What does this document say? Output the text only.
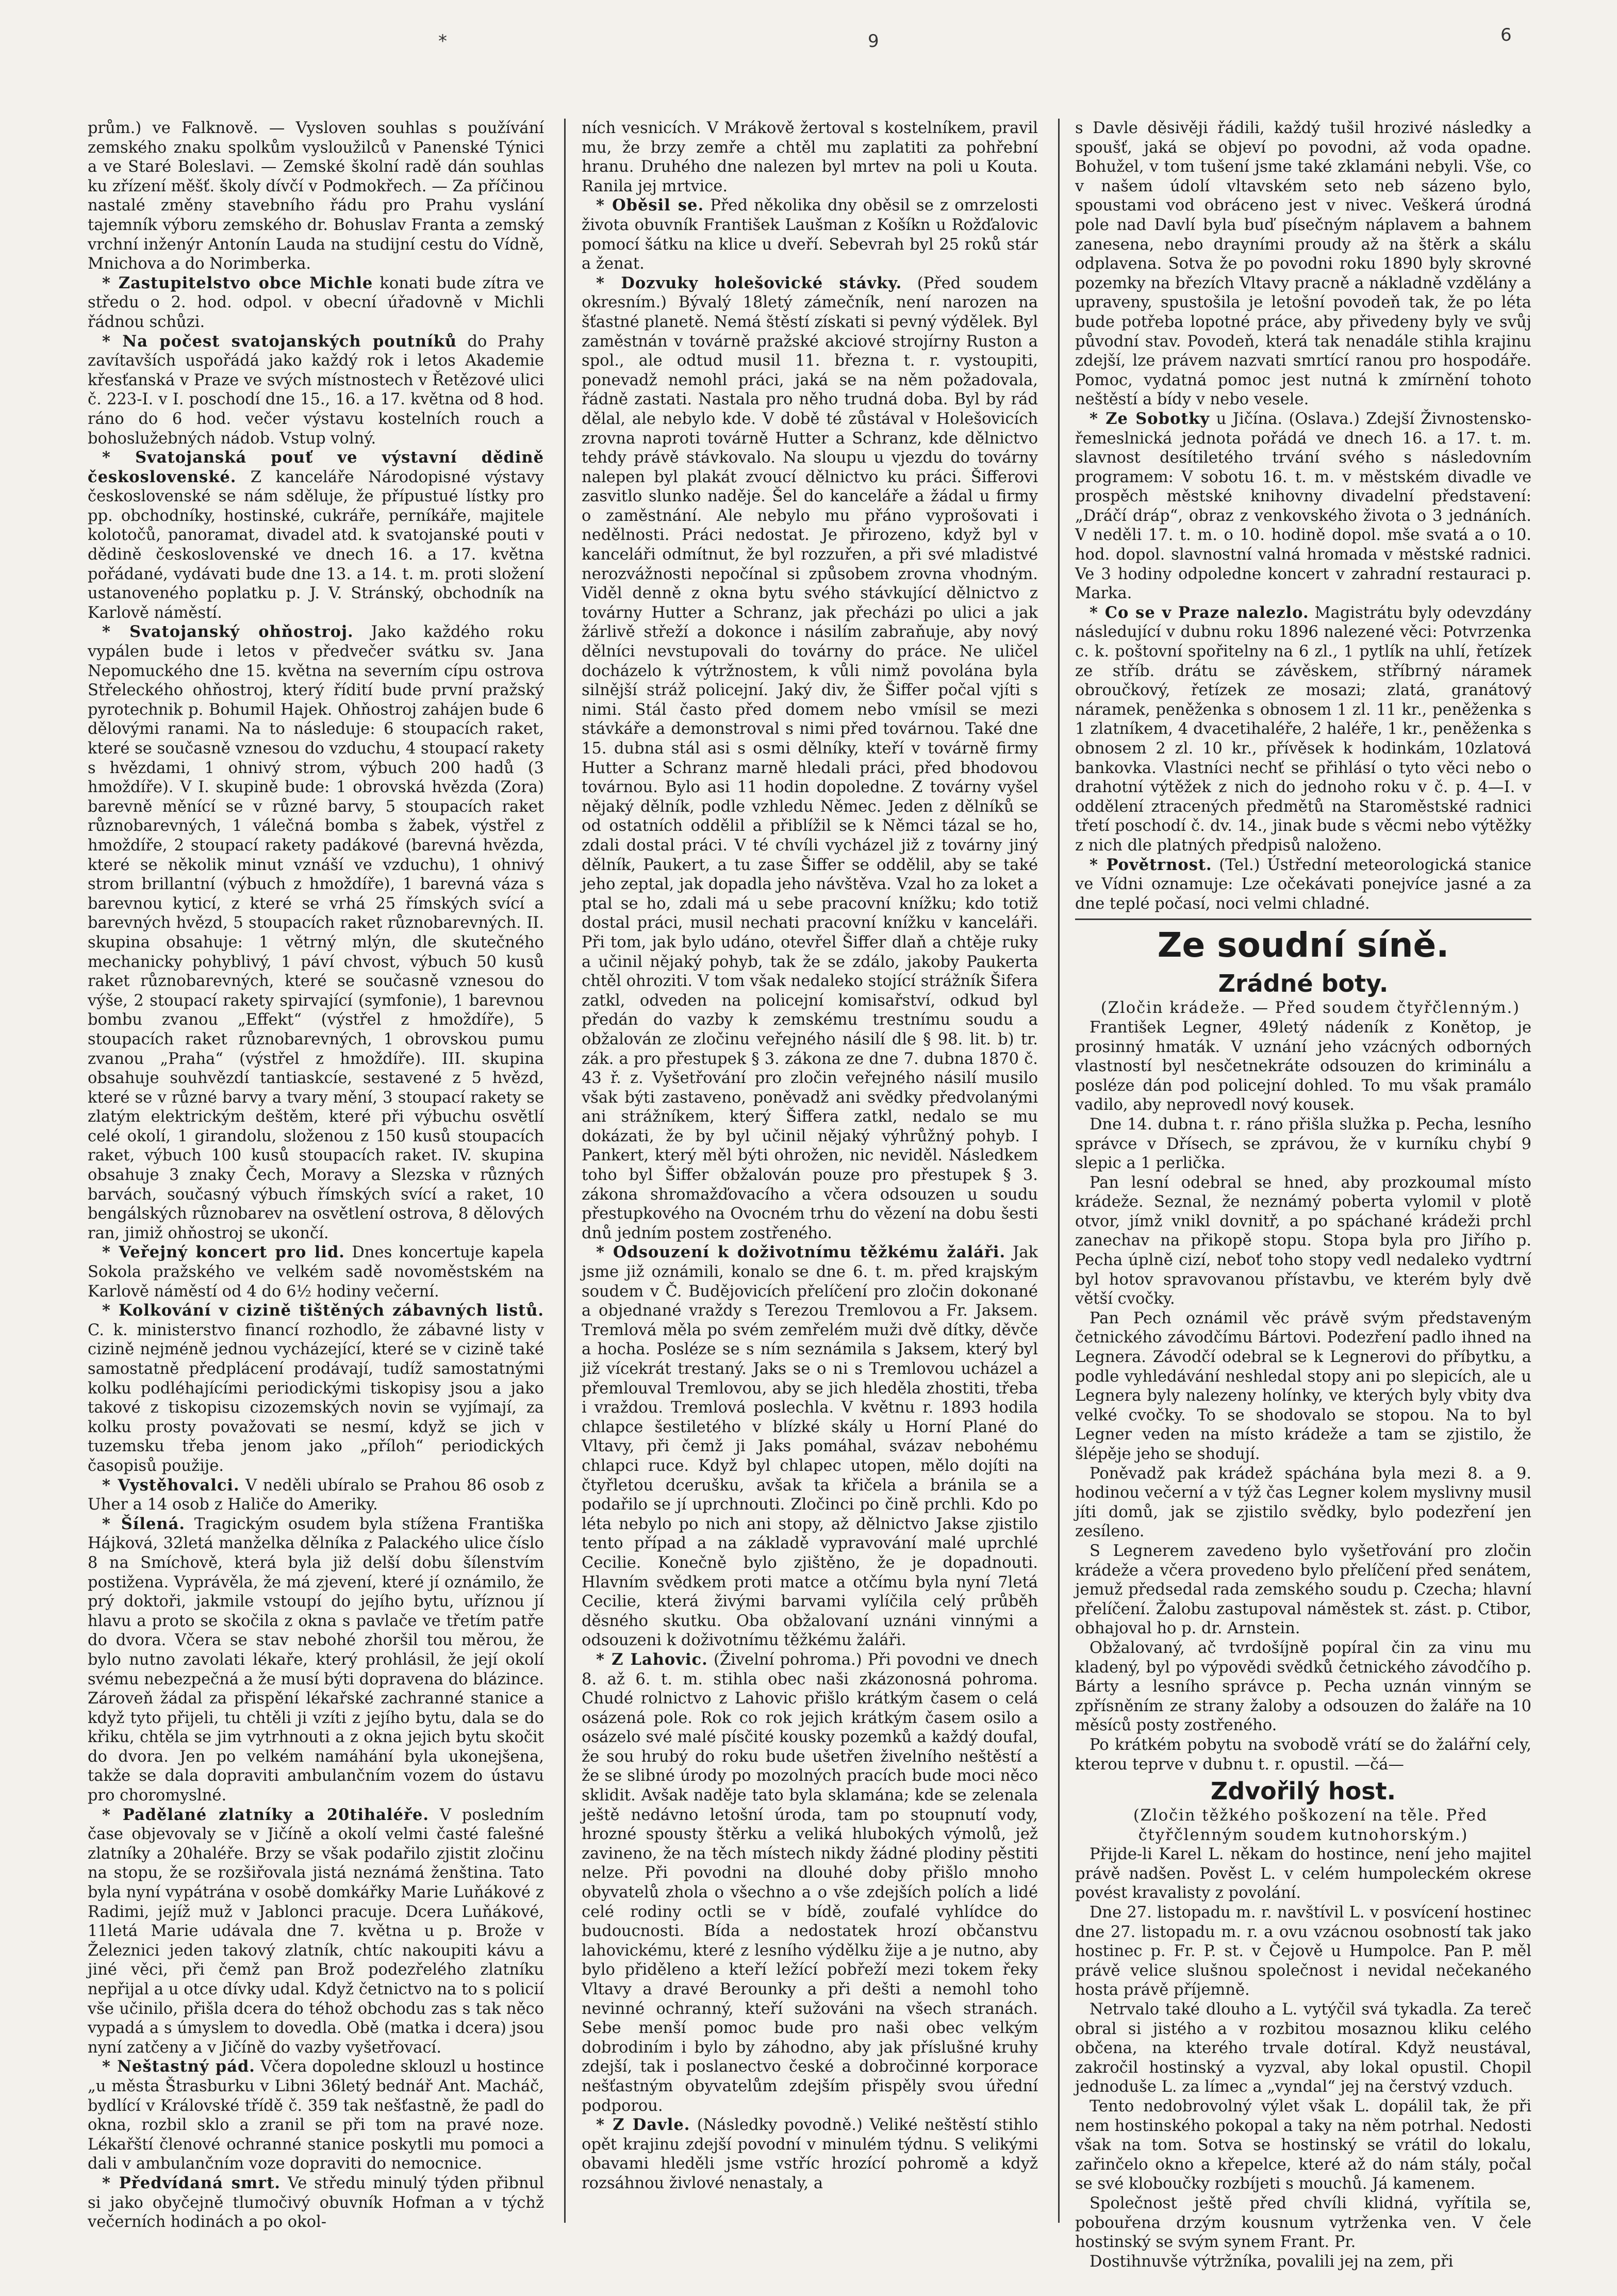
*	9	6

prům.) ve Falknově. — Vysloven souhlas s používání zemského znaku spolkům vysloužilců v Panenské Týnici a ve Staré Boleslavi. — Zemské školní radě dán souhlas ku zřízení měšť. školy dívčí v Podmokřech. — Za příčinou nastalé změny stavebního řádu pro Prahu vyslání tajemník výboru zemského dr. Bohuslav Franta a zemský vrchní inženýr Antonín Lauda na studijní cestu do Vídně, Mnichova a do Norimberka.

* Zastupitelstvo obce Michle konati bude zítra ve středu o 2. hod. odpol. v obecní úřadovně v Michli řádnou schůzi.

* Na počest svatojanských poutníků do Prahy zavítavších uspořádá jako každý rok i letos Akademie křesťanská v Praze ve svých místnostech v Řetězové ulici č. 223-I. v I. poschodí dne 15., 16. a 17. května od 8 hod. ráno do 6 hod. večer výstavu kostelních rouch a bohoslužebných nádob. Vstup volný.

* Svatojanská pouť ve výstavní dědině československé. Z kanceláře Národopisné výstavy československé se nám sděluje, že přípustué lístky pro pp. obchodníky, hostinské, cukráře, perníkáře, majitele kolotočů, panoramat, divadel atd. k svatojanské pouti v dědině československé ve dnech 16. a 17. května pořádané, vydávati bude dne 13. a 14. t. m. proti složení ustanoveného poplatku p. J. V. Stránský, obchodník na Karlově náměstí.

* Svatojanský ohňostroj. Jako každého roku vypálen bude i letos v předvečer svátku sv. Jana Nepomuckého dne 15. května na severním cípu ostrova Střeleckého ohňostroj, který řídití bude první pražský pyrotechnik p. Bohumil Hajek. Ohňostroj zahájen bude 6 dělovými ranami. Na to následuje: 6 stoupacích raket, které se současně vznesou do vzduchu, 4 stoupací rakety s hvězdami, 1 ohnivý strom, výbuch 200 hadů (3 hmoždíře). V I. skupině bude: 1 obrovská hvězda (Zora) barevně měnící se v různé barvy, 5 stoupacích raket různobarevných, 1 válečná bomba s žabek, výstřel z hmoždíře, 2 stoupací rakety padákové (barevná hvězda, které se několik minut vznáší ve vzduchu), 1 ohnivý strom brillantní (výbuch z hmoždíře), 1 barevná váza s barevnou kyticí, z které se vrhá 25 římských svící a barevných hvězd, 5 stoupacích raket různobarevných. II. skupina obsahuje: 1 větrný mlýn, dle skutečného mechanicky pohyblivý, 1 páví chvost, výbuch 50 kusů raket různobarevných, které se současně vznesou do výše, 2 stoupací rakety spirvající (symfonie), 1 barevnou bombu zvanou „Effekt“ (výstřel z hmoždíře), 5 stoupacích raket různobarevných, 1 obrovskou pumu zvanou „Praha“ (výstřel z hmoždíře). III. skupina obsahuje souhvězdí tantiaskcíe, sestavené z 5 hvězd, které se v různé barvy a tvary mění, 3 stoupací rakety se zlatým elektrickým deštěm, které při výbuchu osvětlí celé okolí, 1 girandolu, složenou z 150 kusů stoupacích raket, výbuch 100 kusů stoupacích raket. IV. skupina obsahuje 3 znaky Čech, Moravy a Slezska v různých barvách, současný výbuch římských svící a raket, 10 bengálských různobarev na osvětlení ostrova, 8 dělových ran, jimiž ohňostroj se ukončí.

* Veřejný koncert pro lid. Dnes koncertuje kapela Sokola pražského ve velkém sadě novoměstském na Karlově náměstí od 4 do 6½ hodiny večerní.

* Kolkování v cizině tištěných zábavných listů. C. k. ministerstvo financí rozhodlo, že zábavné listy v cizině nejméně jednou vycházející, které se v cizině také samostatně předplácení prodávají, tudíž samostatnými kolku podléhajícími periodickými tiskopisy jsou a jako takové z tiskopisu cizozemských novin se vyjímají, za kolku prosty považovati se nesmí, když se jich v tuzemsku třeba jenom jako „příloh“ periodických časopisů použije.

* Vystěhovalci. V neděli ubíralo se Prahou 86 osob z Uher a 14 osob z Haliče do Ameriky.

* Šílená. Tragickým osudem byla stížena Františka Hájková, 32letá manželka dělníka z Palackého ulice číslo 8 na Smíchově, která byla již delší dobu šílenstvím postižena. Vyprávěla, že má zjevení, které jí oznámilo, že prý doktoři, jakmile vstoupí do jejího bytu, uříznou jí hlavu a proto se skočila z okna s pavlače ve třetím patře do dvora. Včera se stav nebohé zhoršil tou měrou, že bylo nutno zavolati lékaře, který prohlásil, že její okolí svému nebezpečná a že musí býti dopravena do blázince. Zároveň žádal za přispění lékařské zachranné stanice a když tyto přijeli, tu chtěli ji vzíti z jejího bytu, dala se do křiku, chtěla se jim vytrhnouti a z okna jejich bytu skočit do dvora. Jen po velkém namáhání byla ukonejšena, takže se dala dopraviti ambulančním vozem do ústavu pro choromyslné.

* Padělané zlatníky a 20tihaléře. V posledním čase objevovaly se v Jičíně a okolí velmi časté falešné zlatníky a 20haléře. Brzy se však podařilo zjistit zločinu na stopu, že se rozšiřovala jistá neznámá ženština. Tato byla nyní vypátrána v osobě domkářky Marie Luňákové z Radimi, jejíž muž v Jablonci pracuje. Dcera Luňákové, 11letá Marie udávala dne 7. května u p. Brože v Železnici jeden takový zlatník, chtíc nakoupiti kávu a jiné věci, při čemž pan Brož podezřelého zlatníku nepřijal a u otce dívky udal. Když četnictvo na to s policií vše učinilo, přišla dcera do téhož obchodu zas s tak něco vypadá a s úmyslem to dovedla. Obě (matka i dcera) jsou nyní zatčeny a v Jičíně do vazby vyšetřovací.

* Neštastný pád. Včera dopoledne sklouzl u hostince „u města Štrasburku v Libni 36letý bednář Ant. Macháč, bydlící v Královské třídě č. 359 tak nešťastně, že padl do okna, rozbil sklo a zranil se při tom na pravé noze. Lékařští členové ochranné stanice poskytli mu pomoci a dali v ambulančním voze dopraviti do nemocnice.

* Předvídaná smrt. Ve středu minulý týden přibnul si jako obyčejně tlumočivý obuvník Hofman a v týchž večerních hodinách a po okol-

ních vesnicích. V Mrákově žertoval s kostelníkem, pravil mu, že brzy zemře a chtěl mu zaplatiti za pohřební hranu. Druhého dne nalezen byl mrtev na poli u Kouta. Ranila jej mrtvice.

* Oběsil se. Před několika dny oběsil se z omrzelosti života obuvník František Laušman z Košíkn u Rožďalovic pomocí šátku na klice u dveří. Sebevrah byl 25 roků stár a ženat.

* Dozvuky holešovické stávky. (Před soudem okresním.) Bývalý 18letý zámečník, není narozen na šťastné planetě. Nemá štěstí získati si pevný výdělek. Byl zaměstnán v továrně pražské akciové strojírny Ruston a spol., ale odtud musil 11. března t. r. vystoupiti, ponevadž nemohl práci, jaká se na něm požadovala, řádně zastati. Nastala pro něho trudná doba. Byl by rád dělal, ale nebylo kde. V době té zůstával v Holešovicích zrovna naproti továrně Hutter a Schranz, kde dělnictvo tehdy právě stávkovalo. Na sloupu u vjezdu do továrny nalepen byl plakát zvoucí dělnictvo ku práci. Šifferovi zasvitlo slunko naděje. Šel do kanceláře a žádal u firmy o zaměstnání. Ale nebylo mu přáno vyprošovati i nedělnosti. Práci nedostat. Je přirozeno, když byl v kanceláři odmítnut, že byl rozzuřen, a při své mladistvé nerozvážnosti nepočínal si způsobem zrovna vhodným. Viděl denně z okna bytu svého stávkující dělnictvo z továrny Hutter a Schranz, jak přecházi po ulici a jak žárlivě střeží a dokonce i násilím zabraňuje, aby nový dělníci nevstupovali do továrny do práce. Ne uličel docházelo k výtržnostem, k vůli nimž povolána byla silnější stráž policejní. Jaký div, že Šiffer počal vjíti s nimi. Stál často před domem nebo vmísil se mezi stávkáře a demonstroval s nimi před továrnou. Také dne 15. dubna stál asi s osmi dělníky, kteří v továrně firmy Hutter a Schranz marně hledali práci, před bhodovou továrnou. Bylo asi 11 hodin dopoledne. Z továrny vyšel nějaký dělník, podle vzhledu Němec. Jeden z dělníků se od ostatních oddělil a přiblížil se k Němci tázal se ho, zdali dostal práci. V té chvíli vycházel již z továrny jiný dělník, Paukert, a tu zase Šiffer se oddělil, aby se také jeho zeptal, jak dopadla jeho návštěva. Vzal ho za loket a ptal se ho, zdali má u sebe pracovní knížku; kdo totiž dostal práci, musil nechati pracovní knížku v kanceláři. Při tom, jak bylo udáno, otevřel Šiffer dlaň a chtěje ruky a učinil nějaký pohyb, tak že se zdálo, jakoby Paukerta chtěl ohroziti. V tom však nedaleko stojící strážník Šifera zatkl, odveden na policejní komisařství, odkud byl předán do vazby k zemskému trestnímu soudu a obžalován ze zločinu veřejného násilí dle § 98. lit. b) tr. zák. a pro přestupek § 3. zákona ze dne 7. dubna 1870 č. 43 ř. z. Vyšetřování pro zločin veřejného násilí musilo však býti zastaveno, poněvadž ani svědky předvolanými ani strážníkem, který Šiffera zatkl, nedalo se mu dokázati, že by byl učinil nějaký výhrůžný pohyb. I Pankert, který měl býti ohrožen, nic neviděl. Následkem toho byl Šiffer obžalován pouze pro přestupek § 3. zákona shromažďovacího a včera odsouzen u soudu přestupkového na Ovocném trhu do vězení na dobu šesti dnů jedním postem zostřeného.

* Odsouzení k doživotnímu těžkému žaláři. Jak jsme již oznámili, konalo se dne 6. t. m. před krajským soudem v Č. Budějovicích přelíčení pro zločin dokonané a objednané vraždy s Terezou Tremlovou a Fr. Jaksem. Tremlová měla po svém zemřelém muži dvě dítky, děvče a hocha. Posléze se s ním seznámila s Jaksem, který byl již vícekrát trestaný. Jaks se o ni s Tremlovou ucházel a přemlouval Tremlovou, aby se jich hleděla zhostiti, třeba i vraždou. Tremlová poslechla. V květnu r. 1893 hodila chlapce šestiletého v blízké skály u Horní Plané do Vltavy, při čemž ji Jaks pomáhal, svázav nebohému chlapci ruce. Když byl chlapec utopen, mělo dojíti na čtyřletou dcerušku, avšak ta křičela a bránila se a podařilo se jí uprchnouti. Zločinci po čině prchli. Kdo po léta nebylo po nich ani stopy, až dělnictvo Jakse zjistilo tento případ a na základě vypravování malé uprchlé Cecilie. Konečně bylo zjištěno, že je dopadnouti. Hlavním svědkem proti matce a otčímu byla nyní 7letá Cecilie, která živými barvami vylíčila celý průběh děsného skutku. Oba obžalovaní uznáni vinnými a odsouzeni k doživotnímu těžkému žaláři.

* Z Lahovic. (Živelní pohroma.) Při povodni ve dnech 8. až 6. t. m. stihla obec naši zkázonosná pohroma. Chudé rolnictvo z Lahovic přišlo krátkým časem o celá osázená pole. Rok co rok jejich krátkým časem osilo a osázelo své malé písčité kousky pozemků a každý doufal, že sou hrubý do roku bude ušetřen živelního neštěstí a že se slibné úrody po mozolných pracích bude moci něco sklidit. Avšak naděje tato byla sklamána; kde se zelenala ještě nedávno letošní úroda, tam po stoupnutí vody, hrozné spousty štěrku a veliká hlubokých výmolů, jež zavineno, že na těch místech nikdy žádné plodiny pěstiti nelze. Při povodni na dlouhé doby přišlo mnoho obyvatelů zhola o všechno a o vše zdejších polích a lidé celé rodiny octli se v bídě, zoufalé vyhlídce do budoucnosti. Bída a nedostatek hrozí občanstvu lahovickému, které z lesního výdělku žije a je nutno, aby bylo přiděleno a kteří ležící pobřeží mezi tokem řeky Vltavy a dravé Berounky a při dešti a nemohl toho nevinné ochranný, kteří sužováni na všech stranách. Sebe menší pomoc bude pro naši obec velkým dobrodiním i bylo by záhodno, aby jak příslušné kruhy zdejší, tak i poslanectvo české a dobročinné korporace nešťastným obyvatelům zdejším přispěly svou úřední podporou.

* Z Davle. (Následky povodně.) Veliké neštěstí stihlo opět krajinu zdejší povodní v minulém týdnu. S velikými obavami hleděli jsme vstříc hrozící pohromě a když rozsáhnou živlové nenastaly, a

s Davle děsivěji řádili, každý tušil hrozivé následky a spoušť, jaká se objeví po povodni, až voda opadne. Bohužel, v tom tušení jsme také zklamáni nebyli. Vše, co v našem údolí vltavském seto neb sázeno bylo, spoustami vod obráceno jest v nivec. Veškerá úrodná pole nad Davlí byla buď písečným náplavem a bahnem zanesena, nebo drayními proudy až na štěrk a skálu odplavena. Sotva že po povodni roku 1890 byly skrovné pozemky na březích Vltavy pracně a nákladně vzdělány a upraveny, spustošila je letošní povodeň tak, že po léta bude potřeba lopotné práce, aby přivedeny byly ve svůj původní stav. Povodeň, která tak nenadále stihla krajinu zdejší, lze právem nazvati smrtící ranou pro hospodáře. Pomoc, vydatná pomoc jest nutná k zmírnění tohoto neštěstí a bídy v nebo vesele.

* Ze Sobotky u Jičína. (Oslava.) Zdejší Živnostensko-řemeslnická jednota pořádá ve dnech 16. a 17. t. m. slavnost desítiletého trvání svého s následovním programem: V sobotu 16. t. m. v městském divadle ve prospěch městské knihovny divadelní představení: „Dráčí dráp“, obraz z venkovského života o 3 jednáních. V neděli 17. t. m. o 10. hodině dopol. mše svatá a o 10. hod. dopol. slavnostní valná hromada v městské radnici. Ve 3 hodiny odpoledne koncert v zahradní restauraci p. Marka.

* Co se v Praze nalezlo. Magistrátu byly odevzdány následující v dubnu roku 1896 nalezené věci: Potvrzenka c. k. poštovní spořitelny na 6 zl., 1 pytlík na uhlí, řetízek ze stříb. drátu se závěskem, stříbrný náramek obroučkový, řetízek ze mosazi; zlatá, granátový náramek, peněženka s obnosem 1 zl. 11 kr., peněženka s 1 zlatníkem, 4 dvacetihaléře, 2 haléře, 1 kr., peněženka s obnosem 2 zl. 10 kr., přívěsek k hodinkám, 10zlatová bankovka. Vlastníci nechť se přihlásí o tyto věci nebo o drahotní výtěžek z nich do jednoho roku v č. p. 4—I. v oddělení ztracených předmětů na Staroměstské radnici třetí poschodí č. dv. 14., jinak bude s věcmi nebo výtěžky z nich dle platných předpisů naloženo.

* Povětrnost. (Tel.) Ústřední meteorologická stanice ve Vídni oznamuje: Lze očekávati ponejvíce jasné a za dne teplé počasí, noci velmi chladné.

Ze soudní síně.
Zrádné boty.

(Zločin krádeže. — Před soudem čtyřčlenným.)

František Legner, 49letý nádeník z Konětop, je prosinný hmaták. V uznání jeho vzácných odborných vlastností byl nesčetnekráte odsouzen do kriminálu a posléze dán pod policejní dohled. To mu však pramálo vadilo, aby neprovedl nový kousek.

Dne 14. dubna t. r. ráno přišla služka p. Pecha, lesního správce v Dřísech, se zprávou, že v kurníku chybí 9 slepic a 1 perlička.

Pan lesní odebral se hned, aby prozkoumal místo krádeže. Seznal, že neznámý poberta vylomil v plotě otvor, jímž vnikl dovnitř, a po spáchané krádeži prchl zanechav na přikopě stopu. Stopa byla pro Jiřího p. Pecha úplně cizí, neboť toho stopy vedl nedaleko vydtrní byl hotov spravovanou přístavbu, ve kterém byly dvě větší cvočky.

Pan Pech oznámil věc právě svým představeným četnického závodčímu Bártovi. Podezření padlo ihned na Legnera. Závodčí odebral se k Legnerovi do příbytku, a podle vyhledávání neshledal stopy ani po slepicích, ale u Legnera byly nalezeny holínky, ve kterých byly vbity dva velké cvočky. To se shodovalo se stopou. Na to byl Legner veden na místo krádeže a tam se zjistilo, že šlépěje jeho se shodují.

Poněvadž pak krádež spáchána byla mezi 8. a 9. hodinou večerní a v týž čas Legner kolem myslivny musil jíti domů, jak se zjistilo svědky, bylo podezření jen zesíleno.

S Legnerem zavedeno bylo vyšetřování pro zločin krádeže a včera provedeno bylo přelíčení před senátem, jemuž předsedal rada zemského soudu p. Czecha; hlavní přelíčení. Žalobu zastupoval náměstek st. zást. p. Ctibor, obhajoval ho p. dr. Arnstein.

Obžalovaný, ač tvrdošíjně popíral čin za vinu mu kladený, byl po výpovědi svědků četnického závodčího p. Bárty a lesního správce p. Pecha uznán vinným se zpřísněním ze strany žaloby a odsouzen do žaláře na 10 měsíců posty zostřeného.

Po krátkém pobytu na svobodě vrátí se do žalářní cely, kterou teprve v dubnu t. r. opustil. —čá—

Zdvořilý host.

(Zločin těžkého poškození na těle. Před čtyřčlenným soudem kutnohorským.)

Přijde-li Karel L. někam do hostince, není jeho majitel právě nadšen. Pověst L. v celém humpoleckém okrese povést kravalisty z povolání.

Dne 27. listopadu m. r. navštívil L. v posvícení hostinec dne 27. listopadu m. r. a ovu vzácnou osobností tak jako hostinec p. Fr. P. st. v Čejově u Humpolce. Pan P. měl právě velice slušnou společnost i nevidal nečekaného hosta právě příjemně.

Netrvalo také dlouho a L. vytýčil svá tykadla. Za tereč obral si jistého a v rozbitou mosaznou kliku celého občena, na kterého trvale dotíral. Když neustával, zakročil hostinský a vyzval, aby lokal opustil. Chopil jednoduše L. za límec a „vyndal“ jej na čerstvý vzduch.

Tento nedobrovolný výlet však L. dopálil tak, že při nem hostinského pokopal a taky na něm potrhal. Nedosti však na tom. Sotva se hostinský se vrátil do lokalu, zařinčelo okno a křepelce, které až do nám stály, počal se své kloboučky rozbíjeti s mouchů. Já kamenem.

Společnost ještě před chvíli klidná, vyřítila se, pobouřena drzým kousnum vytrženka ven. V čele hostinský se svým synem Frant. Pr.

Dostihnuvše výtržníka, povalili jej na zem, při
